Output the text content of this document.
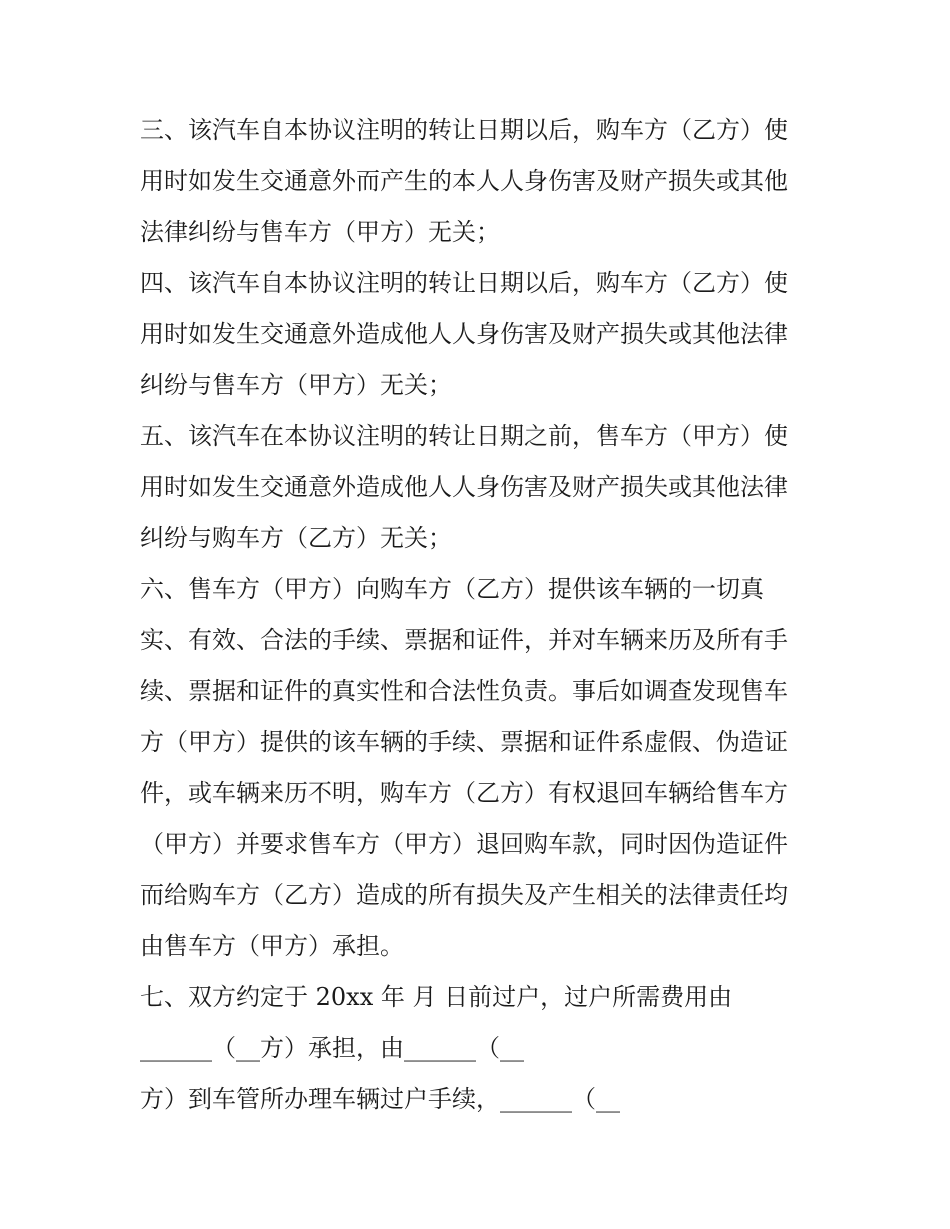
三、该汽车自本协议注明的转让日期以后，购车方（乙方）使
用时如发生交通意外而产生的本人人身伤害及财产损失或其他
法律纠纷与售车方（甲方）无关；
四、该汽车自本协议注明的转让日期以后，购车方（乙方）使
用时如发生交通意外造成他人人身伤害及财产损失或其他法律
纠纷与售车方（甲方）无关；
五、该汽车在本协议注明的转让日期之前，售车方（甲方）使
用时如发生交通意外造成他人人身伤害及财产损失或其他法律
纠纷与购车方（乙方）无关；
六、售车方（甲方）向购车方（乙方）提供该车辆的一切真
实、有效、合法的手续、票据和证件，并对车辆来历及所有手
续、票据和证件的真实性和合法性负责。事后如调查发现售车
方（甲方）提供的该车辆的手续、票据和证件系虚假、伪造证
件，或车辆来历不明，购车方（乙方）有权退回车辆给售车方
（甲方）并要求售车方（甲方）退回购车款，同时因伪造证件
而给购车方（乙方）造成的所有损失及产生相关的法律责任均
由售车方（甲方）承担。
七、双方约定于 20xx 年 月 日前过户，过户所需费用由
______（__方）承担，由______（__
方）到车管所办理车辆过户手续，______（__
